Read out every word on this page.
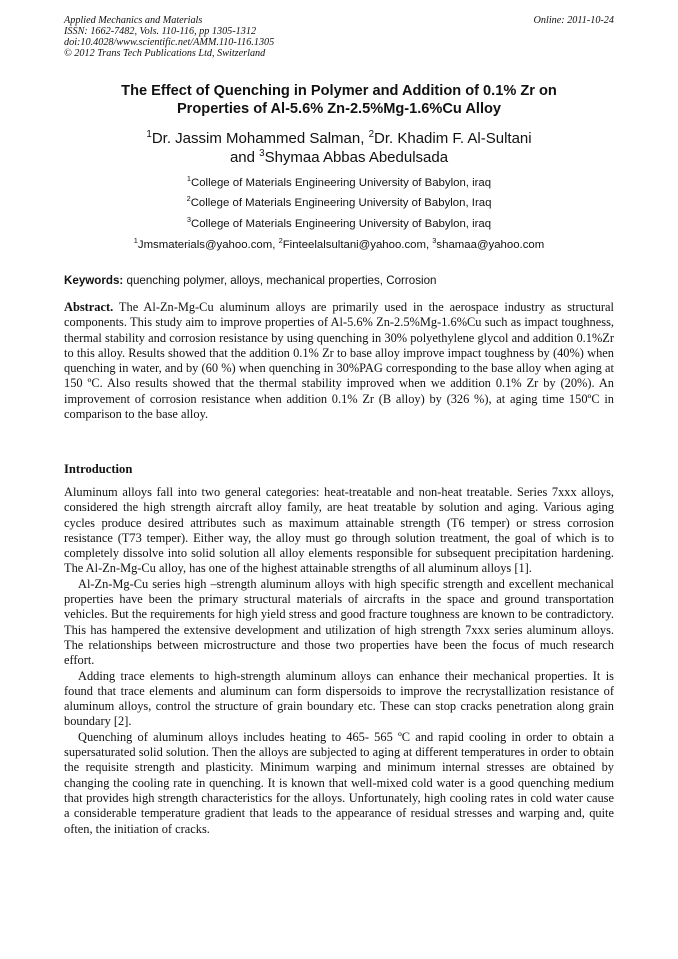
Applied Mechanics and Materials
ISSN: 1662-7482, Vols. 110-116, pp 1305-1312
doi:10.4028/www.scientific.net/AMM.110-116.1305
© 2012 Trans Tech Publications Ltd, Switzerland
Online: 2011-10-24
The Effect of Quenching in Polymer and Addition of 0.1% Zr on
Properties of Al-5.6% Zn-2.5%Mg-1.6%Cu Alloy
$^1$Dr. Jassim Mohammed Salman, $^2$Dr. Khadim F. Al-Sultani
and $^3$Shymaa Abbas Abedulsada
$^1$College of Materials Engineering University of Babylon, iraq
$^2$College of Materials Engineering University of Babylon, Iraq
$^3$College of Materials Engineering University of Babylon, iraq
$^1$Jmsmaterials@yahoo.com, $^2$Finteelalsultani@yahoo.com, $^3$shamaa@yahoo.com
Keywords: quenching polymer, alloys, mechanical properties, Corrosion

Abstract. The Al-Zn-Mg-Cu aluminum alloys are primarily used in the aerospace industry as structural components. This study aim to improve properties of Al-5.6% Zn-2.5%Mg-1.6%Cu such as impact toughness, thermal stability and corrosion resistance by using quenching in 30% polyethylene glycol and addition 0.1%Zr to this alloy. Results showed that the addition 0.1% Zr to base alloy improve impact toughness by (40%) when quenching in water, and by (60 %) when quenching in 30%PAG corresponding to the base alloy when aging at 150 ºC. Also results showed that the thermal stability improved when we addition 0.1% Zr by (20%). An improvement of corrosion resistance when addition 0.1% Zr (B alloy) by (326 %), at aging time 150ºC in comparison to the base alloy.

Introduction

Aluminum alloys fall into two general categories: heat-treatable and non-heat treatable. Series 7xxx alloys, considered the high strength aircraft alloy family, are heat treatable by solution and aging. Various aging cycles produce desired attributes such as maximum attainable strength (T6 temper) or stress corrosion resistance (T73 temper). Either way, the alloy must go through solution treatment, the goal of which is to completely dissolve into solid solution all alloy elements responsible for subsequent precipitation hardening. The Al-Zn-Mg-Cu alloy, has one of the highest attainable strengths of all aluminum alloys [1].

Al-Zn-Mg-Cu series high –strength aluminum alloys with high specific strength and excellent mechanical properties have been the primary structural materials of aircrafts in the space and ground transportation vehicles. But the requirements for high yield stress and good fracture toughness are known to be contradictory. This has hampered the extensive development and utilization of high strength 7xxx series aluminum alloys. The relationships between microstructure and those two properties have been the focus of much research effort.

Adding trace elements to high-strength aluminum alloys can enhance their mechanical properties. It is found that trace elements and aluminum can form dispersoids to improve the recrystallization resistance of aluminum alloys, control the structure of grain boundary etc. These can stop cracks penetration along grain boundary [2].

Quenching of aluminum alloys includes heating to 465- 565 ºC and rapid cooling in order to obtain a supersaturated solid solution. Then the alloys are subjected to aging at different temperatures in order to obtain the requisite strength and plasticity. Minimum warping and minimum internal stresses are obtained by changing the cooling rate in quenching. It is known that well-mixed cold water is a good quenching medium that provides high strength characteristics for the alloys. Unfortunately, high cooling rates in cold water cause a considerable temperature gradient that leads to the appearance of residual stresses and warping and, quite often, the initiation of cracks.
